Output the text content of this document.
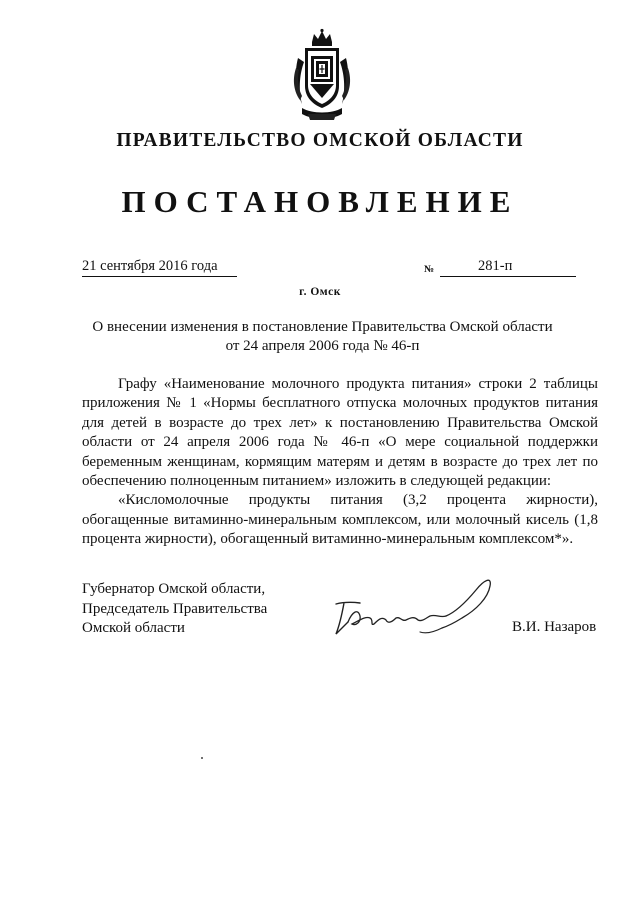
ПРАВИТЕЛЬСТВО ОМСКОЙ ОБЛАСТИ
ПОСТАНОВЛЕНИЕ
21 сентября 2016 года	№	281-п
г. Омск
О внесении изменения в постановление Правительства Омской области от 24 апреля 2006 года № 46-п

Графу «Наименование молочного продукта питания» строки 2 таблицы приложения № 1 «Нормы бесплатного отпуска молочных продуктов питания для детей в возрасте до трех лет» к постановлению Правительства Омской области от 24 апреля 2006 года № 46-п «О мере социальной поддержки беременным женщинам, кормящим матерям и детям в возрасте до трех лет по обеспечению полноценным питанием» изложить в следующей редакции:

«Кисломолочные продукты питания (3,2 процента жирности), обогащенные витаминно-минеральным комплексом, или молочный кисель (1,8 процента жирности), обогащенный витаминно-минеральным комплексом*».

Губернатор Омской области,
Председатель Правительства
Омской области	В.И. Назаров
